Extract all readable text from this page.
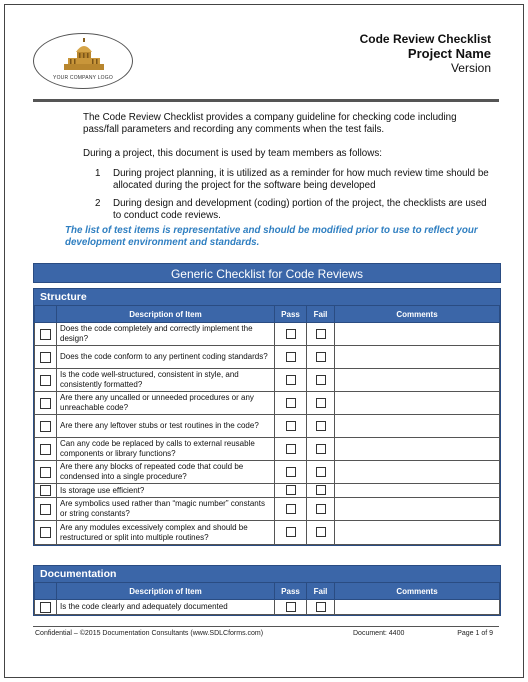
YOUR COMPANY LOGO
Code Review Checklist
Project Name
Version

The Code Review Checklist provides a company guideline for checking code including pass/fall parameters and recording any comments when the test fails.

During a project, this document is used by team members as follows:

1 During project planning, it is utilized as a reminder for how much review time should be allocated during the project for the software being developed
2 During design and development (coding) portion of the project, the checklists are used to conduct code reviews.
The list of test items is representative and should be modified prior to use to reflect your development environment and standards.
Generic Checklist for Code Reviews
Structure
	Description of Item	Pass	Fail	Comments
	Does the code completely and correctly implement the design?			
	Does the code conform to any pertinent coding standards?			
	Is the code well-structured, consistent in style, and consistently formatted?			
	Are there any uncalled or unneeded procedures or any unreachable code?			
	Are there any leftover stubs or test routines in the code?			
	Can any code be replaced by calls to external reusable components or library functions?			
	Are there any blocks of repeated code that could be condensed into a single procedure?			
	Is storage use efficient?			
	Are symbolics used rather than “magic number” constants or string constants?			
	Are any modules excessively complex and should be restructured or split into multiple routines?			
Documentation
	Description of Item	Pass	Fail	Comments
	Is the code clearly and adequately documented			
Confidential – ©2015 Documentation Consultants (www.SDLCforms.com)	Document: 4400	Page 1 of 9
